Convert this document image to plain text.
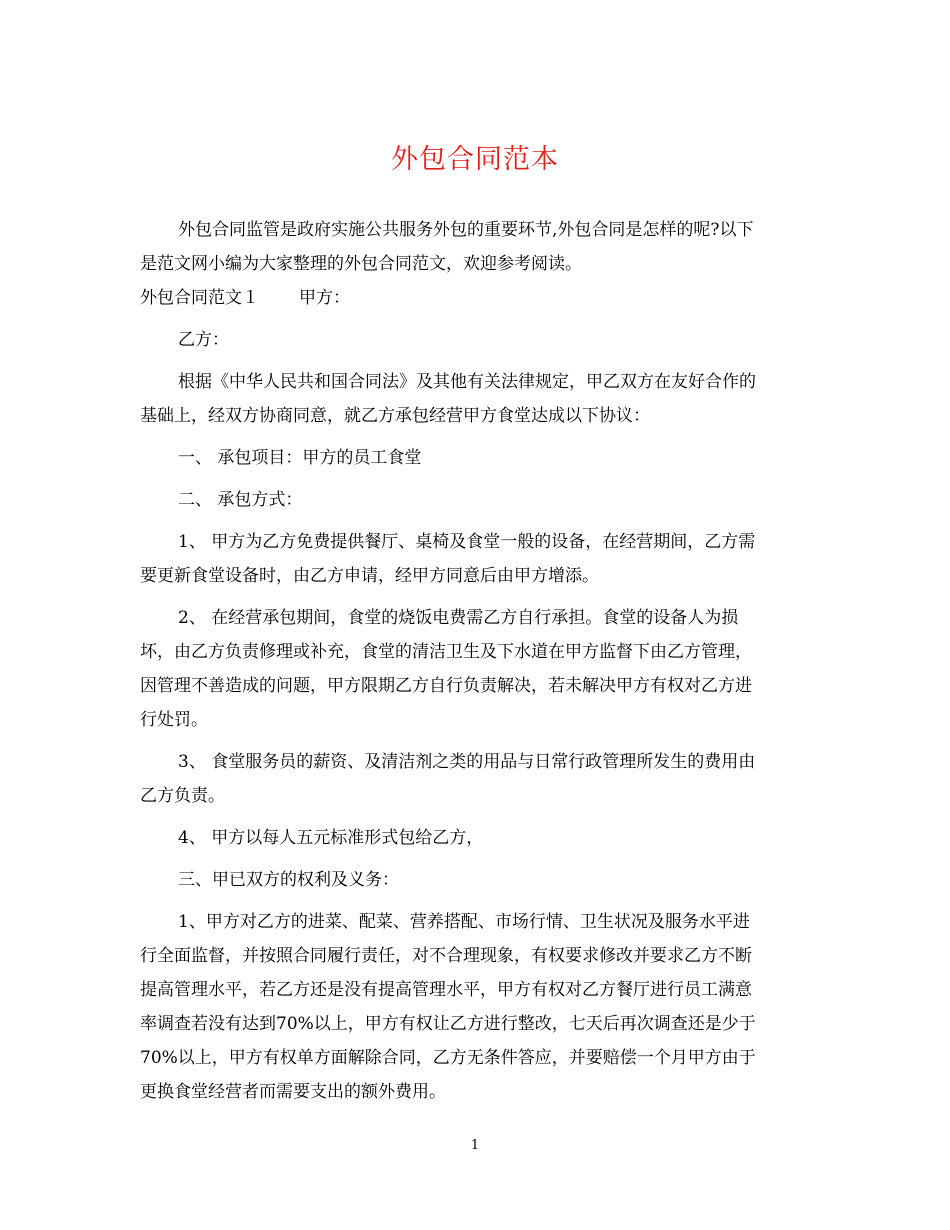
外包合同范本

外包合同监管是政府实施公共服务外包的重要环节,外包合同是怎样的呢?以下

是范文网小编为大家整理的外包合同范文，欢迎参考阅读。

外包合同范文１ 甲方：

乙方：

根据《中华人民共和国合同法》及其他有关法律规定，甲乙双方在友好合作的

基础上，经双方协商同意，就乙方承包经营甲方食堂达成以下协议：

一、 承包项目：甲方的员工食堂

二、 承包方式：

1、 甲方为乙方免费提供餐厅、桌椅及食堂一般的设备，在经营期间，乙方需

要更新食堂设备时，由乙方申请，经甲方同意后由甲方增添。

2、 在经营承包期间，食堂的烧饭电费需乙方自行承担。食堂的设备人为损

坏，由乙方负责修理或补充，食堂的清洁卫生及下水道在甲方监督下由乙方管理，

因管理不善造成的问题，甲方限期乙方自行负责解决，若未解决甲方有权对乙方进

行处罚。

3、 食堂服务员的薪资、及清洁剂之类的用品与日常行政管理所发生的费用由

乙方负责。

4、 甲方以每人五元标准形式包给乙方，

三、甲已双方的权利及义务：

1、甲方对乙方的进菜、配菜、营养搭配、市场行情、卫生状况及服务水平进

行全面监督，并按照合同履行责任，对不合理现象，有权要求修改并要求乙方不断

提高管理水平，若乙方还是没有提高管理水平，甲方有权对乙方餐厅进行员工满意

率调查若没有达到70%以上，甲方有权让乙方进行整改，七天后再次调查还是少于

70%以上，甲方有权单方面解除合同，乙方无条件答应，并要赔偿一个月甲方由于

更换食堂经营者而需要支出的额外费用。

1
